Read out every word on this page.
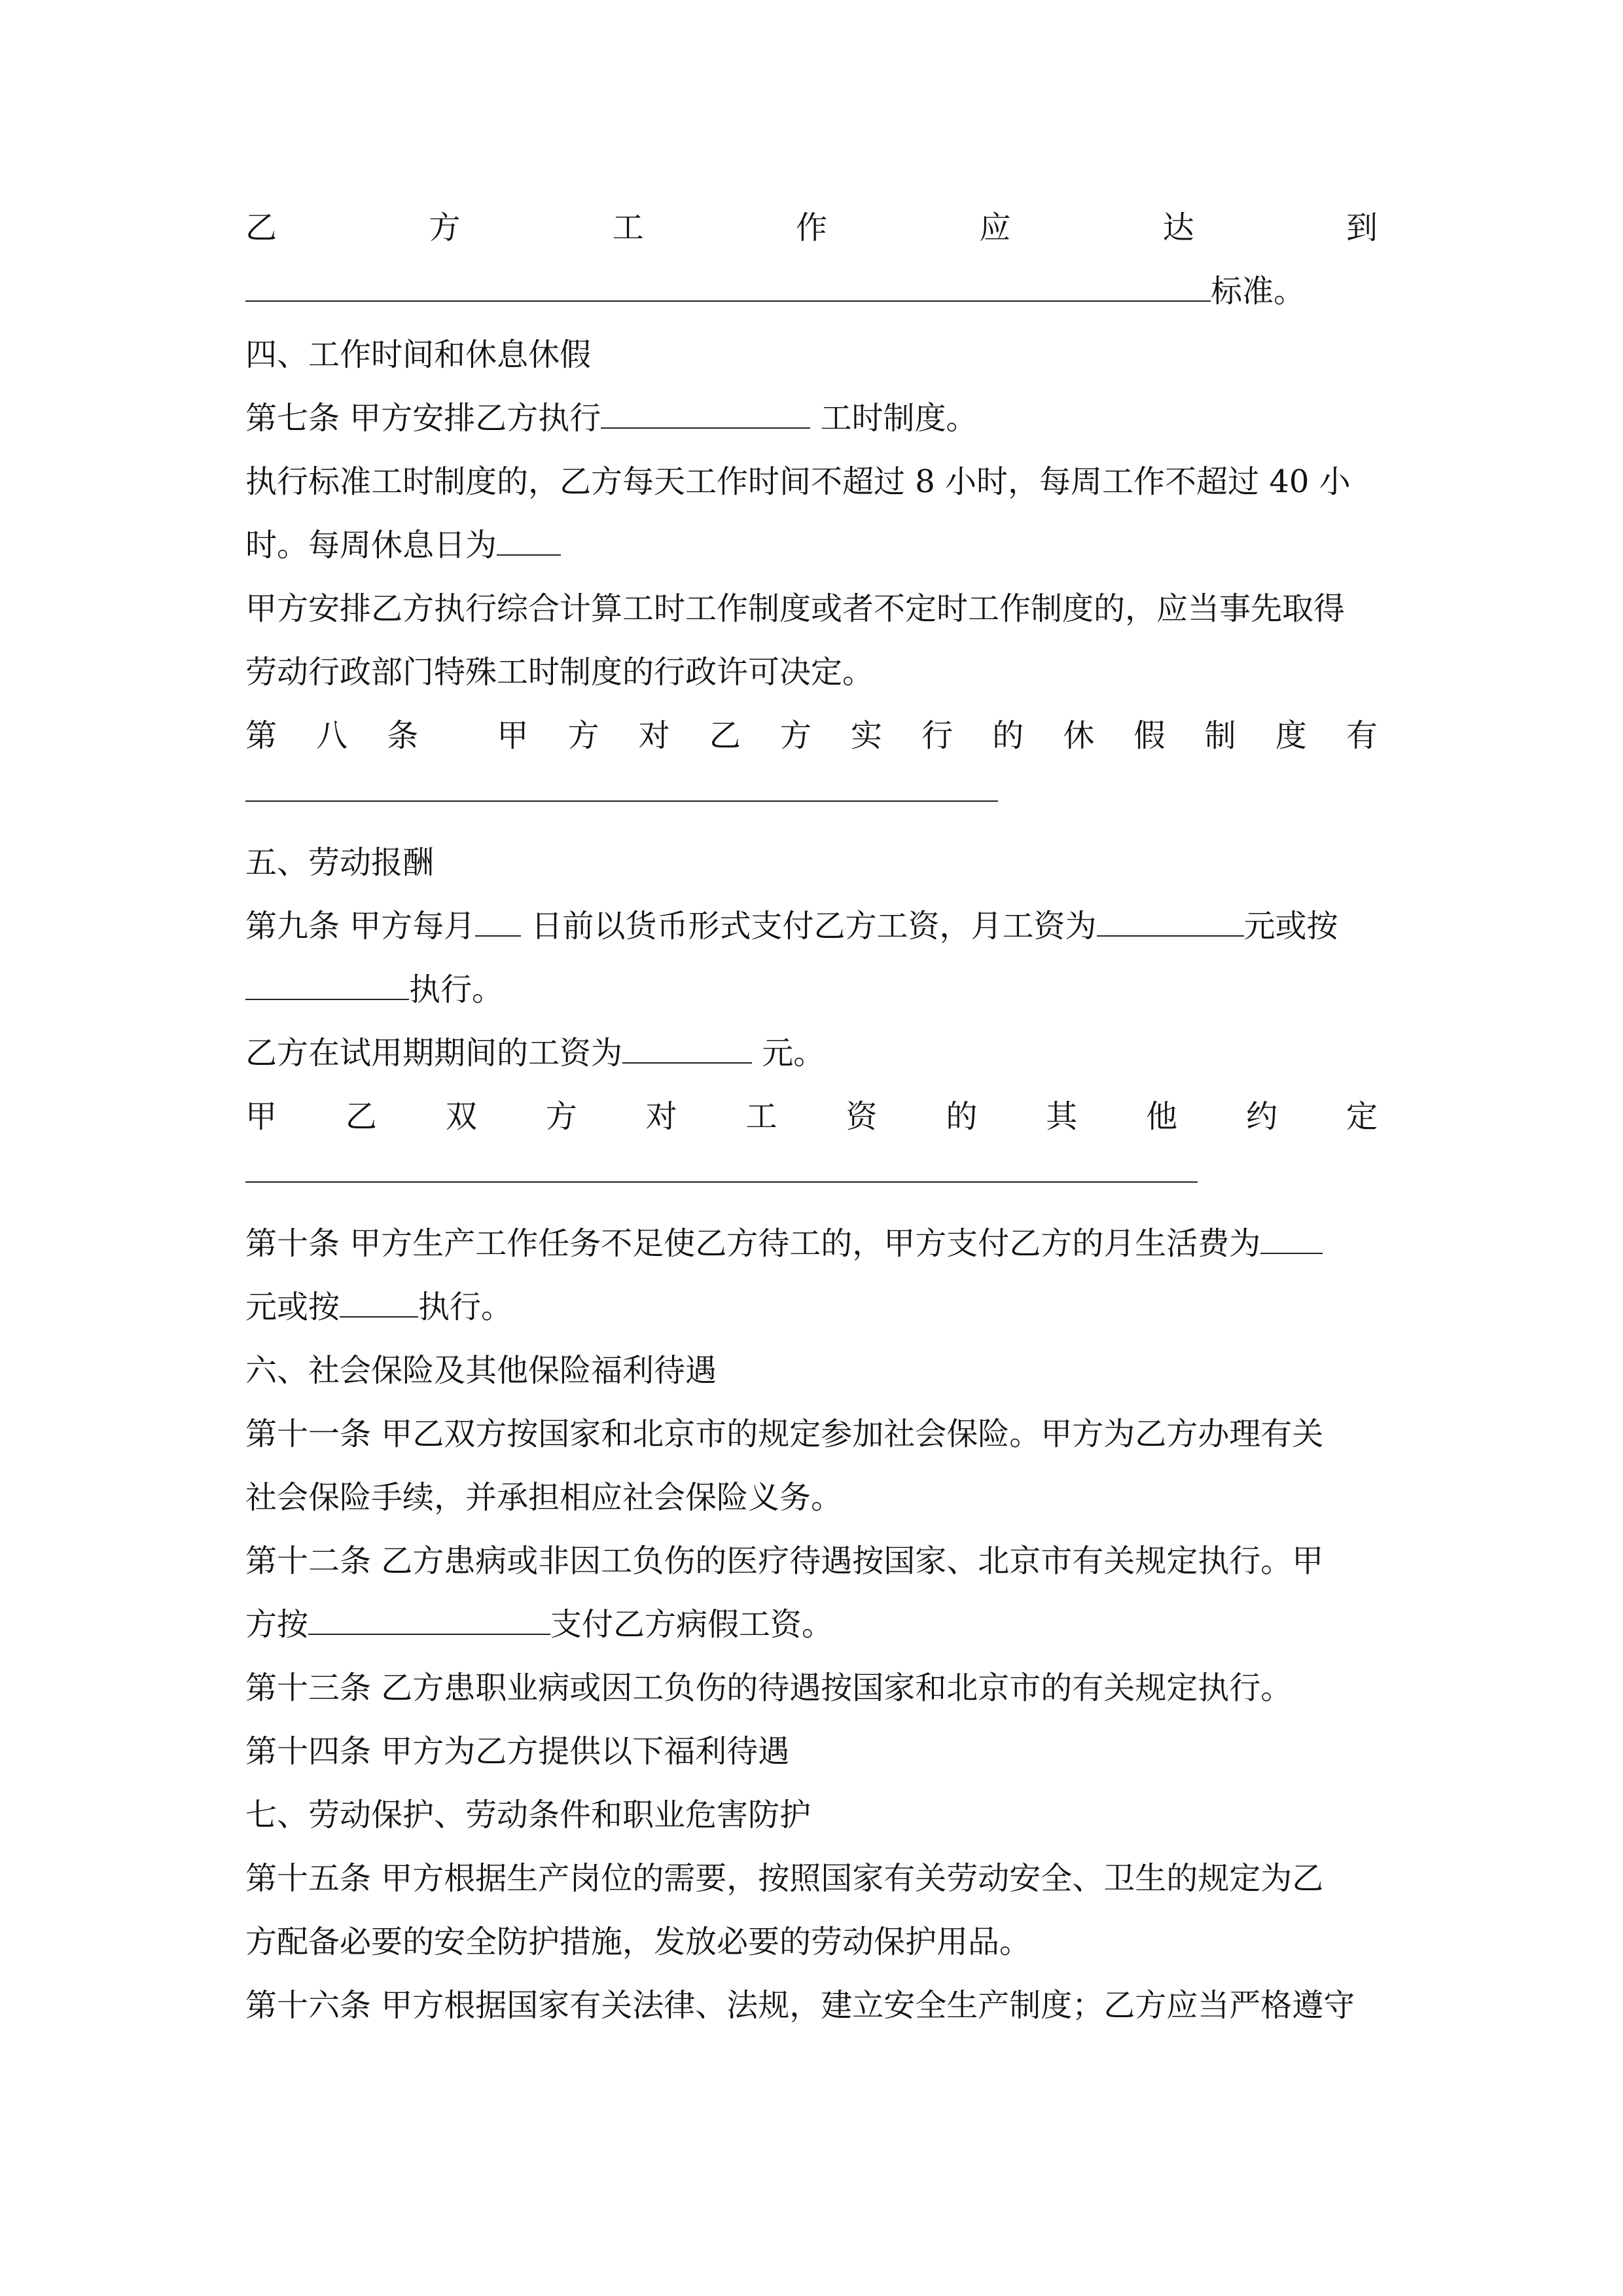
乙	方	工	作	应	达	到
标准。
四、工作时间和休息休假
第七条 甲方安排乙方执行	工时制度。
执行标准工时制度的，乙方每天工作时间不超过 8 小时，每周工作不超过 40 小
时。每周休息日为
甲方安排乙方执行综合计算工时工作制度或者不定时工作制度的，应当事先取得
劳动行政部门特殊工时制度的行政许可决定。
第 八 条	甲 方 对 乙 方 实 行 的 休 假 制 度 有
五、劳动报酬
第九条 甲方每月 日前以货币形式支付乙方工资，月工资为	元或按
执行。
乙方在试用期期间的工资为	元。
甲 乙 双 方 对 工 资 的 其 他 约 定
第十条 甲方生产工作任务不足使乙方待工的，甲方支付乙方的月生活费为
元或按	执行。
六、社会保险及其他保险福利待遇
第十一条 甲乙双方按国家和北京市的规定参加社会保险。甲方为乙方办理有关
社会保险手续，并承担相应社会保险义务。
第十二条 乙方患病或非因工负伤的医疗待遇按国家、北京市有关规定执行。甲
方按	支付乙方病假工资。
第十三条 乙方患职业病或因工负伤的待遇按国家和北京市的有关规定执行。
第十四条 甲方为乙方提供以下福利待遇
七、劳动保护、劳动条件和职业危害防护
第十五条 甲方根据生产岗位的需要，按照国家有关劳动安全、卫生的规定为乙
方配备必要的安全防护措施，发放必要的劳动保护用品。
第十六条 甲方根据国家有关法律、法规，建立安全生产制度；乙方应当严格遵守
